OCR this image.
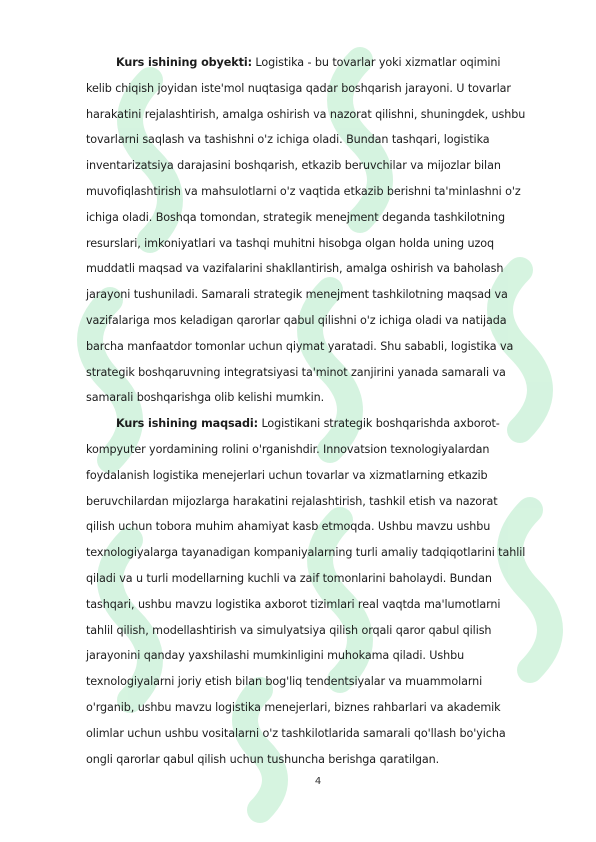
Kurs ishining obyekti: Logistika - bu tovarlar yoki xizmatlar oqimini kelib chiqish joyidan iste'mol nuqtasiga qadar boshqarish jarayoni. U tovarlar harakatini rejalashtirish, amalga oshirish va nazorat qilishni, shuningdek, ushbu tovarlarni saqlash va tashishni o'z ichiga oladi. Bundan tashqari, logistika inventarizatsiya darajasini boshqarish, etkazib beruvchilar va mijozlar bilan muvofiqlashtirish va mahsulotlarni o'z vaqtida etkazib berishni ta'minlashni o'z ichiga oladi. Boshqa tomondan, strategik menejment deganda tashkilotning resurslari, imkoniyatlari va tashqi muhitni hisobga olgan holda uning uzoq muddatli maqsad va vazifalarini shakllantirish, amalga oshirish va baholash jarayoni tushuniladi. Samarali strategik menejment tashkilotning maqsad va vazifalariga mos keladigan qarorlar qabul qilishni o'z ichiga oladi va natijada barcha manfaatdor tomonlar uchun qiymat yaratadi. Shu sababli, logistika va strategik boshqaruvning integratsiyasi ta'minot zanjirini yanada samarali va samarali boshqarishga olib kelishi mumkin.

Kurs ishining maqsadi: Logistikani strategik boshqarishda axborot-kompyuter yordamining rolini o'rganishdir. Innovatsion texnologiyalardan foydalanish logistika menejerlari uchun tovarlar va xizmatlarning etkazib beruvchilardan mijozlarga harakatini rejalashtirish, tashkil etish va nazorat qilish uchun tobora muhim ahamiyat kasb etmoqda. Ushbu mavzu ushbu texnologiyalarga tayanadigan kompaniyalarning turli amaliy tadqiqotlarini tahlil qiladi va u turli modellarning kuchli va zaif tomonlarini baholaydi. Bundan tashqari, ushbu mavzu logistika axborot tizimlari real vaqtda ma'lumotlarni tahlil qilish, modellashtirish va simulyatsiya qilish orqali qaror qabul qilish jarayonini qanday yaxshilashi mumkinligini muhokama qiladi. Ushbu texnologiyalarni joriy etish bilan bog'liq tendentsiyalar va muammolarni o'rganib, ushbu mavzu logistika menejerlari, biznes rahbarlari va akademik olimlar uchun ushbu vositalarni o'z tashkilotlarida samarali qo'llash bo'yicha ongli qarorlar qabul qilish uchun tushuncha berishga qaratilgan.

4
